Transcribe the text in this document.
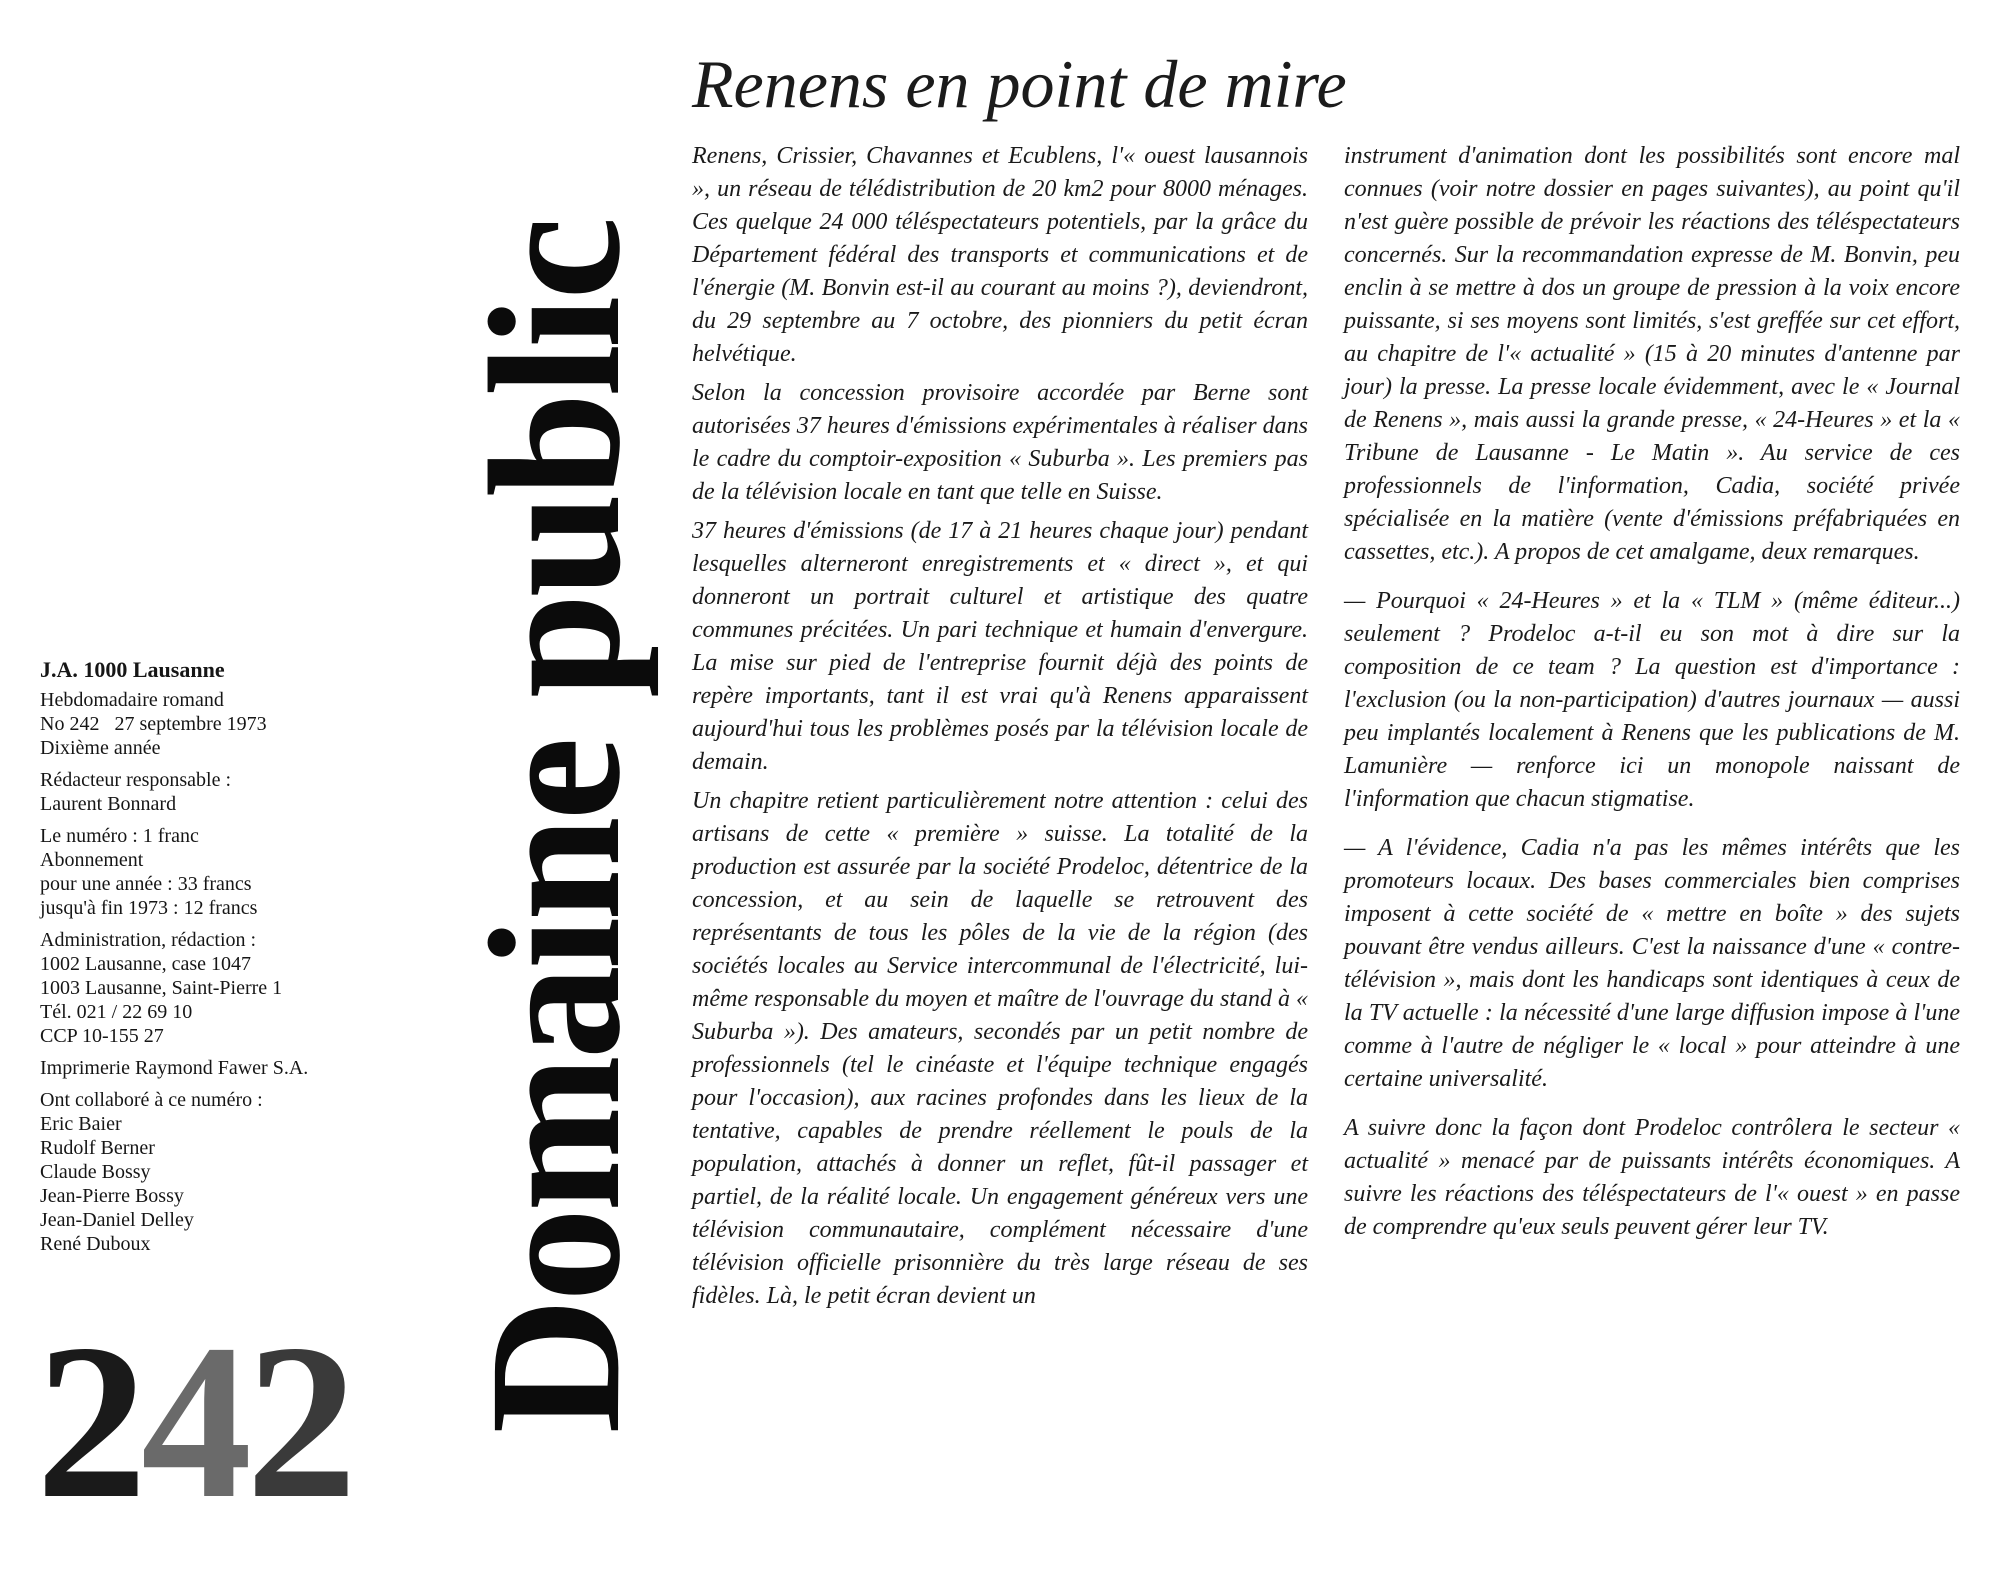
J.A. 1000 Lausanne

Hebdomadaire romand
No 242   27 septembre 1973
Dixième année

Rédacteur responsable :
Laurent Bonnard

Le numéro : 1 franc
Abonnement
pour une année : 33 francs
jusqu'à fin 1973 : 12 francs

Administration, rédaction :
1002 Lausanne, case 1047
1003 Lausanne, Saint-Pierre 1
Tél. 021 / 22 69 10
CCP 10-155 27

Imprimerie Raymond Fawer S.A.

Ont collaboré à ce numéro :
Eric Baier
Rudolf Berner
Claude Bossy
Jean-Pierre Bossy
Jean-Daniel Delley
René Duboux

242 Domaine public
Renens en point de mire

Renens, Crissier, Chavannes et Ecublens, l'« ouest lausannois », un réseau de télédistribution de 20 km2 pour 8000 ménages. Ces quelque 24 000 téléspectateurs potentiels, par la grâce du Département fédéral des transports et communications et de l'énergie (M. Bonvin est-il au courant au moins ?), deviendront, du 29 septembre au 7 octobre, des pionniers du petit écran helvétique.

Selon la concession provisoire accordée par Berne sont autorisées 37 heures d'émissions expérimentales à réaliser dans le cadre du comptoir-exposition « Suburba ». Les premiers pas de la télévision locale en tant que telle en Suisse.

37 heures d'émissions (de 17 à 21 heures chaque jour) pendant lesquelles alterneront enregistrements et « direct », et qui donneront un portrait culturel et artistique des quatre communes précitées. Un pari technique et humain d'envergure. La mise sur pied de l'entreprise fournit déjà des points de repère importants, tant il est vrai qu'à Renens apparaissent aujourd'hui tous les problèmes posés par la télévision locale de demain.

Un chapitre retient particulièrement notre attention : celui des artisans de cette « première » suisse. La totalité de la production est assurée par la société Prodeloc, détentrice de la concession, et au sein de laquelle se retrouvent des représentants de tous les pôles de la vie de la région (des sociétés locales au Service intercommunal de l'électricité, lui-même responsable du moyen et maître de l'ouvrage du stand à « Suburba »). Des amateurs, secondés par un petit nombre de professionnels (tel le cinéaste et l'équipe technique engagés pour l'occasion), aux racines profondes dans les lieux de la tentative, capables de prendre réellement le pouls de la population, attachés à donner un reflet, fût-il passager et partiel, de la réalité locale. Un engagement généreux vers une télévision communautaire, complément nécessaire d'une télévision officielle prisonnière du très large réseau de ses fidèles. Là, le petit écran devient un

instrument d'animation dont les possibilités sont encore mal connues (voir notre dossier en pages suivantes), au point qu'il n'est guère possible de prévoir les réactions des téléspectateurs concernés. Sur la recommandation expresse de M. Bonvin, peu enclin à se mettre à dos un groupe de pression à la voix encore puissante, si ses moyens sont limités, s'est greffée sur cet effort, au chapitre de l'« actualité » (15 à 20 minutes d'antenne par jour) la presse. La presse locale évidemment, avec le « Journal de Renens », mais aussi la grande presse, « 24-Heures » et la « Tribune de Lausanne - Le Matin ». Au service de ces professionnels de l'information, Cadia, société privée spécialisée en la matière (vente d'émissions préfabriquées en cassettes, etc.). A propos de cet amalgame, deux remarques.

— Pourquoi « 24-Heures » et la « TLM » (même éditeur...) seulement ? Prodeloc a-t-il eu son mot à dire sur la composition de ce team ? La question est d'importance : l'exclusion (ou la non-participation) d'autres journaux — aussi peu implantés localement à Renens que les publications de M. Lamunière — renforce ici un monopole naissant de l'information que chacun stigmatise.

— A l'évidence, Cadia n'a pas les mêmes intérêts que les promoteurs locaux. Des bases commerciales bien comprises imposent à cette société de « mettre en boîte » des sujets pouvant être vendus ailleurs. C'est la naissance d'une « contre-télévision », mais dont les handicaps sont identiques à ceux de la TV actuelle : la nécessité d'une large diffusion impose à l'une comme à l'autre de négliger le « local » pour atteindre à une certaine universalité.

A suivre donc la façon dont Prodeloc contrôlera le secteur « actualité » menacé par de puissants intérêts économiques. A suivre les réactions des téléspectateurs de l'« ouest » en passe de comprendre qu'eux seuls peuvent gérer leur TV.
